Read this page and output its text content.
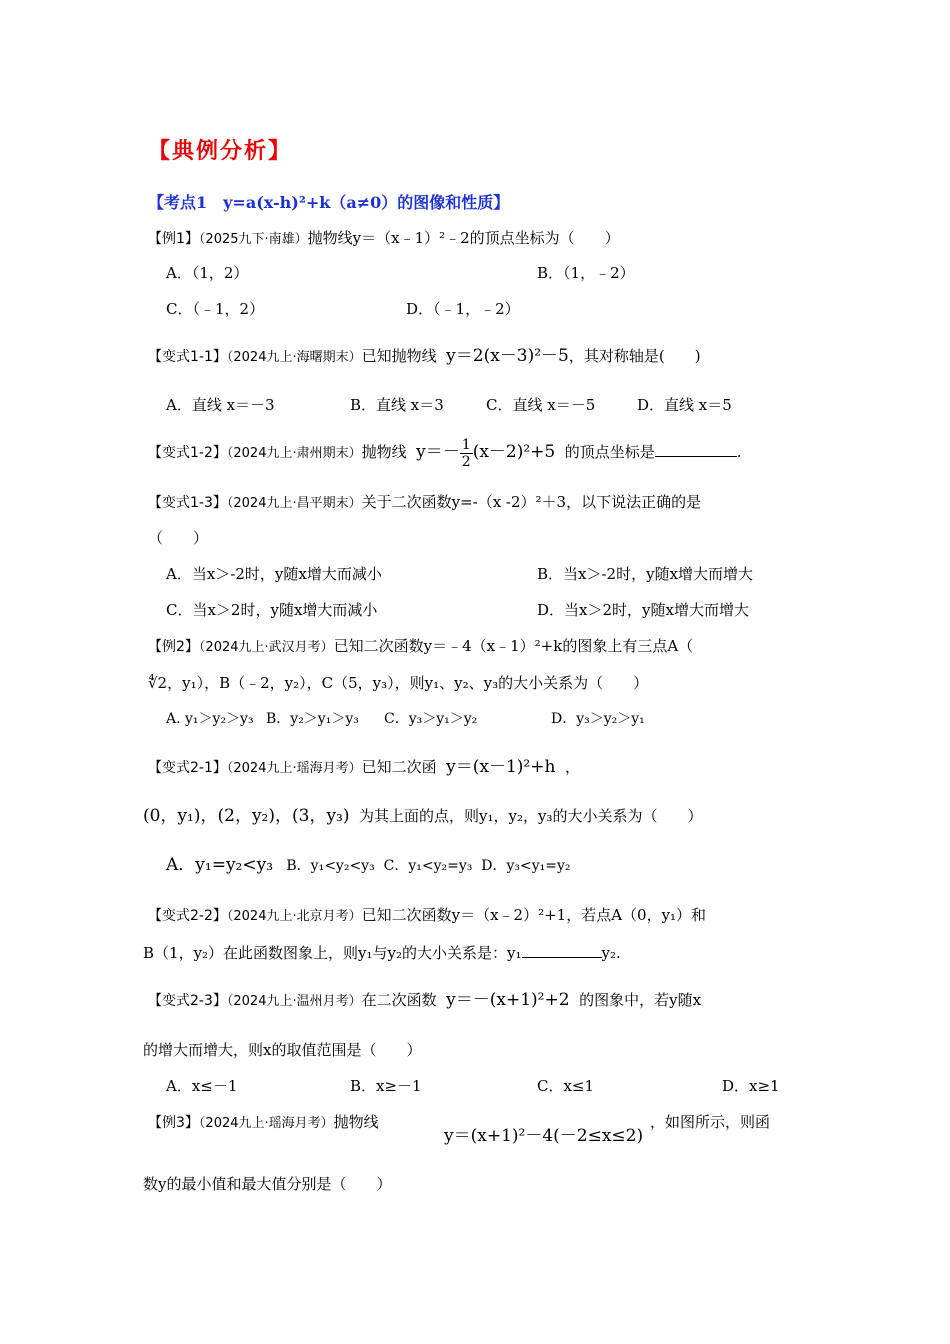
【典例分析】
【考点1　y=a(x-h)²+k（a≠0）的图像和性质】
【例1】（2025九下·南雄）抛物线y＝（x﹣1）²﹣2的顶点坐标为（　　）
A．（1，2）	B．（1，﹣2）
C．（﹣1，2）	D．（﹣1，﹣2）
【变式1-1】（2024九上·海曙期末）已知抛物线 y＝2(x－3)²－5，其对称轴是(　　)
A．直线 x＝－3	B．直线 x＝3	C．直线 x＝－5	D．直线 x＝5
【变式1-2】（2024九上·肃州期末）抛物线 $y=- \frac{1}{2} (x-2)^2+5$ 的顶点坐标是	.
【变式1-3】（2024九上·昌平期末）关于二次函数y=-（x -2）²＋3，以下说法正确的是
（　　）
A．当x＞-2时，y随x增大而减小	B．当x＞-2时，y随x增大而增大
C．当x＞2时，y随x增大而减小	D．当x＞2时，y随x增大而增大
【例2】（2024九上·武汉月考）已知二次函数y＝﹣4（x﹣1）²+k的图象上有三点A（
∜2，y₁），B（﹣2，y₂），C（5，y₃），则y₁、y₂、y₃的大小关系为（　　）
A. y₁＞y₂＞y₃ B．y₂＞y₁＞y₃ C．y₃＞y₁＞y₂	D．y₃＞y₂＞y₁
【变式2-1】（2024九上·瑶海月考）已知二次函 y＝(x－1)²+h ，
(0，y₁)，(2，y₂)，(3，y₃) 为其上面的点，则y₁，y₂，y₃的大小关系为（　　）
A．y₁=y₂<y₃ B．y₁<y₂<y₃ C．y₁<y₂=y₃ D．y₃<y₁=y₂
【变式2-2】（2024九上·北京月考）已知二次函数y＝（x﹣2）²+1，若点A（0，y₁）和
B（1，y₂）在此函数图象上，则y₁与y₂的大小关系是：y₁	y₂.
【变式2-3】（2024九上·温州月考）在二次函数 y＝－(x+1)²+2 的图象中，若y随x
的增大而增大，则x的取值范围是（　　）
A．x≤－1	B．x≥－1	C．x≤1	D．x≥1
【例3】（2024九上·瑶海月考）抛物线
y＝(x+1)²－4(－2≤x≤2)
，如图所示，则函
数y的最小值和最大值分别是（　　）
